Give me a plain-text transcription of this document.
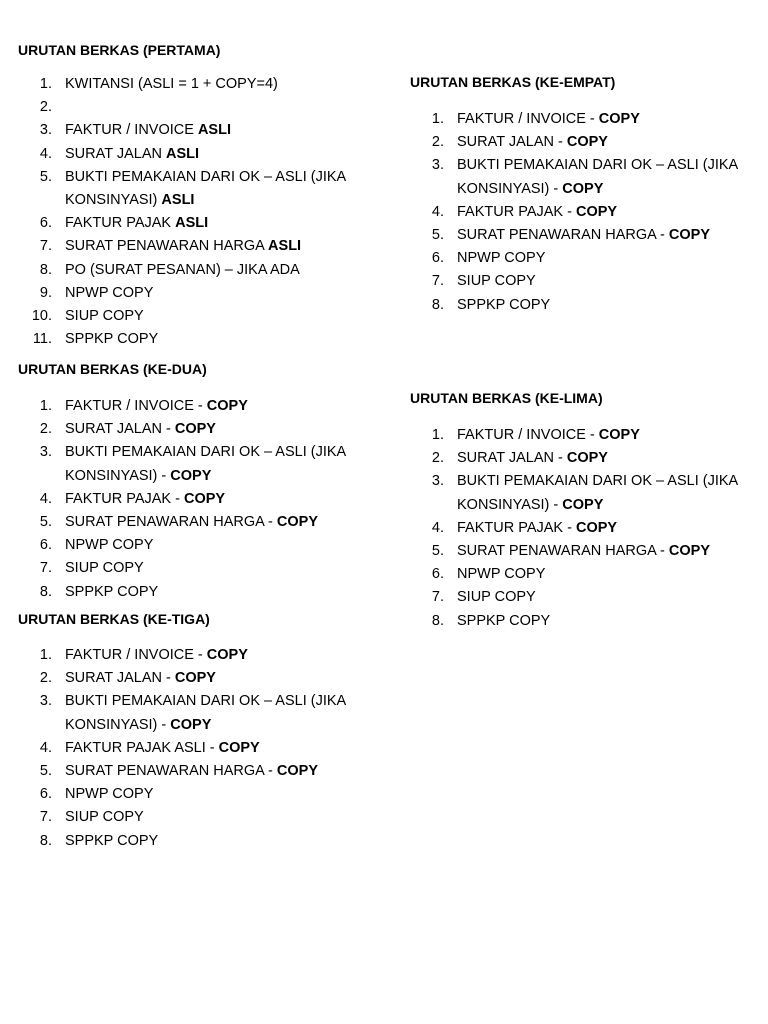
URUTAN BERKAS (PERTAMA)
1. KWITANSI (ASLI = 1 + COPY=4)
2.

3. FAKTUR / INVOICE ASLI
4. SURAT JALAN ASLI
5. BUKTI PEMAKAIAN DARI OK – ASLI (JIKA KONSINYASI) ASLI
6. FAKTUR PAJAK ASLI
7. SURAT PENAWARAN HARGA ASLI
8. PO (SURAT PESANAN) – JIKA ADA
9. NPWP COPY
10. SIUP COPY
11. SPPKP COPY
URUTAN BERKAS (KE-DUA)
1. FAKTUR / INVOICE - COPY
2. SURAT JALAN - COPY
3. BUKTI PEMAKAIAN DARI OK – ASLI (JIKA KONSINYASI) - COPY
4. FAKTUR PAJAK - COPY
5. SURAT PENAWARAN HARGA - COPY
6. NPWP COPY
7. SIUP COPY
8. SPPKP COPY
URUTAN BERKAS (KE-TIGA)
1. FAKTUR / INVOICE - COPY
2. SURAT JALAN - COPY
3. BUKTI PEMAKAIAN DARI OK – ASLI (JIKA KONSINYASI) - COPY
4. FAKTUR PAJAK ASLI - COPY
5. SURAT PENAWARAN HARGA - COPY
6. NPWP COPY
7. SIUP COPY
8. SPPKP COPY
URUTAN BERKAS (KE-EMPAT)
1. FAKTUR / INVOICE - COPY
2. SURAT JALAN - COPY
3. BUKTI PEMAKAIAN DARI OK – ASLI (JIKA KONSINYASI) - COPY
4. FAKTUR PAJAK - COPY
5. SURAT PENAWARAN HARGA - COPY
6. NPWP COPY
7. SIUP COPY
8. SPPKP COPY
URUTAN BERKAS (KE-LIMA)
1. FAKTUR / INVOICE - COPY
2. SURAT JALAN - COPY
3. BUKTI PEMAKAIAN DARI OK – ASLI (JIKA KONSINYASI) - COPY
4. FAKTUR PAJAK - COPY
5. SURAT PENAWARAN HARGA - COPY
6. NPWP COPY
7. SIUP COPY
8. SPPKP COPY
